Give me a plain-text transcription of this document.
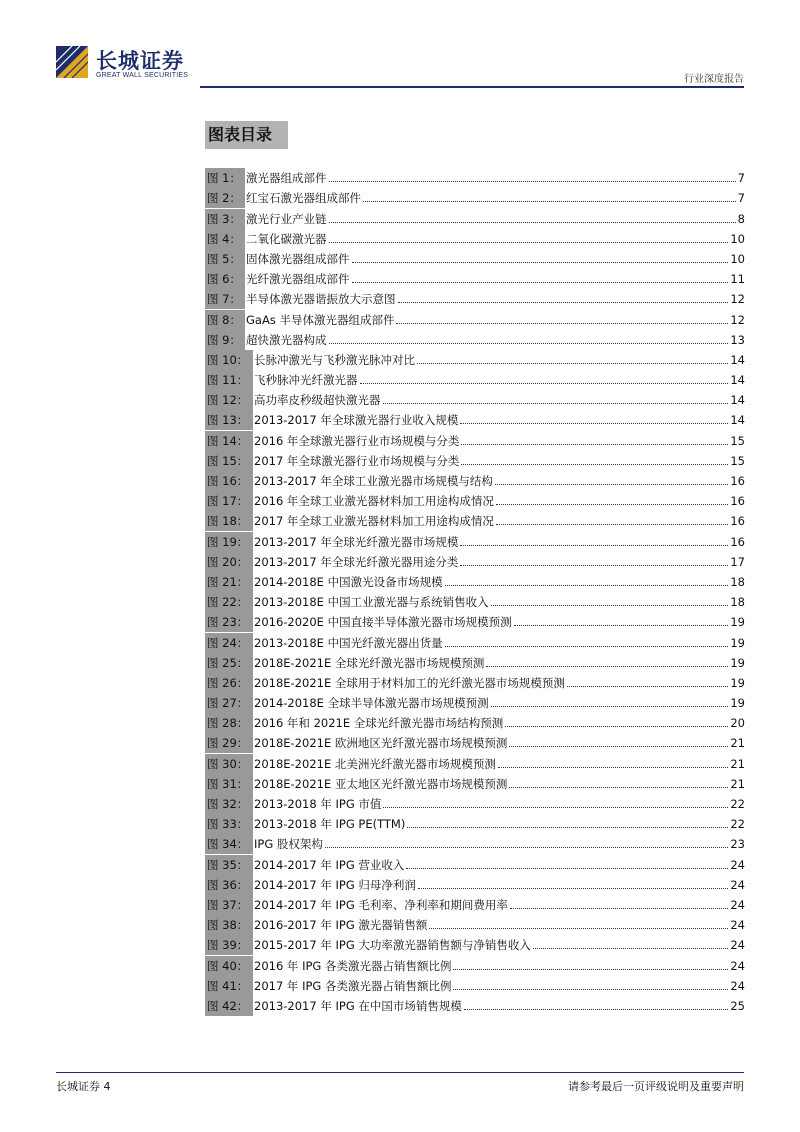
长城证券
GREAT WALL SECURITIES	行业深度报告
图表目录
图 1： 激光器组成部件	7
图 2： 红宝石激光器组成部件	7
图 3： 激光行业产业链	8
图 4： 二氧化碳激光器	10
图 5： 固体激光器组成部件	10
图 6： 光纤激光器组成部件	11
图 7： 半导体激光器谐振放大示意图	12
图 8： GaAs 半导体激光器组成部件	12
图 9： 超快激光器构成	13
图 10： 长脉冲激光与飞秒激光脉冲对比	14
图 11： 飞秒脉冲光纤激光器	14
图 12： 高功率皮秒级超快激光器	14
图 13： 2013-2017 年全球激光器行业收入规模	14
图 14： 2016 年全球激光器行业市场规模与分类	15
图 15： 2017 年全球激光器行业市场规模与分类	15
图 16： 2013-2017 年全球工业激光器市场规模与结构	16
图 17： 2016 年全球工业激光器材料加工用途构成情况	16
图 18： 2017 年全球工业激光器材料加工用途构成情况	16
图 19： 2013-2017 年全球光纤激光器市场规模	16
图 20： 2013-2017 年全球光纤激光器用途分类	17
图 21： 2014-2018E 中国激光设备市场规模	18
图 22： 2013-2018E 中国工业激光器与系统销售收入	18
图 23： 2016-2020E 中国直接半导体激光器市场规模预测	19
图 24： 2013-2018E 中国光纤激光器出货量	19
图 25： 2018E-2021E 全球光纤激光器市场规模预测	19
图 26： 2018E-2021E 全球用于材料加工的光纤激光器市场规模预测	19
图 27： 2014-2018E 全球半导体激光器市场规模预测	19
图 28： 2016 年和 2021E 全球光纤激光器市场结构预测	20
图 29： 2018E-2021E 欧洲地区光纤激光器市场规模预测	21
图 30： 2018E-2021E 北美洲光纤激光器市场规模预测	21
图 31： 2018E-2021E 亚太地区光纤激光器市场规模预测	21
图 32： 2013-2018 年 IPG 市值	22
图 33： 2013-2018 年 IPG PE(TTM)	22
图 34： IPG 股权架构	23
图 35： 2014-2017 年 IPG 营业收入	24
图 36： 2014-2017 年 IPG 归母净利润	24
图 37： 2014-2017 年 IPG 毛利率、净利率和期间费用率	24
图 38： 2016-2017 年 IPG 激光器销售额	24
图 39： 2015-2017 年 IPG 大功率激光器销售额与净销售收入	24
图 40： 2016 年 IPG 各类激光器占销售额比例	24
图 41： 2017 年 IPG 各类激光器占销售额比例	24
图 42： 2013-2017 年 IPG 在中国市场销售规模	25
长城证券 4	请参考最后一页评级说明及重要声明
